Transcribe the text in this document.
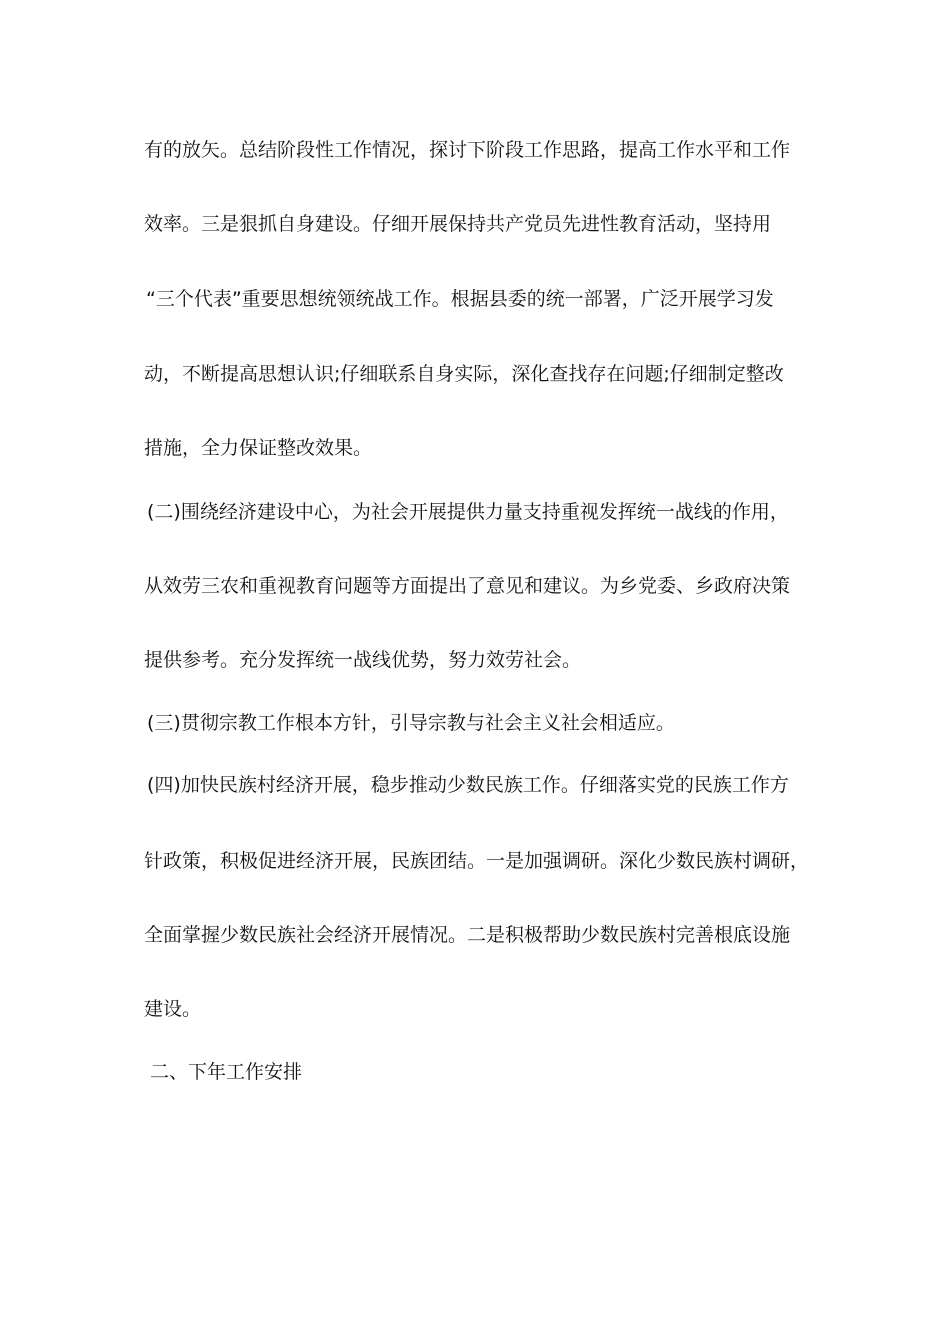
有的放矢。总结阶段性工作情况，探讨下阶段工作思路，提高工作水平和工作
效率。三是狠抓自身建设。仔细开展保持共产党员先进性教育活动，坚持用
“三个代表”重要思想统领统战工作。根据县委的统一部署，广泛开展学习发
动，不断提高思想认识;仔细联系自身实际，深化查找存在问题;仔细制定整改
措施，全力保证整改效果。
(二)围绕经济建设中心，为社会开展提供力量支持重视发挥统一战线的作用，
从效劳三农和重视教育问题等方面提出了意见和建议。为乡党委、乡政府决策
提供参考。充分发挥统一战线优势，努力效劳社会。
(三)贯彻宗教工作根本方针，引导宗教与社会主义社会相适应。
(四)加快民族村经济开展，稳步推动少数民族工作。仔细落实党的民族工作方
针政策，积极促进经济开展，民族团结。一是加强调研。深化少数民族村调研，
全面掌握少数民族社会经济开展情况。二是积极帮助少数民族村完善根底设施
建设。
二、下年工作安排
